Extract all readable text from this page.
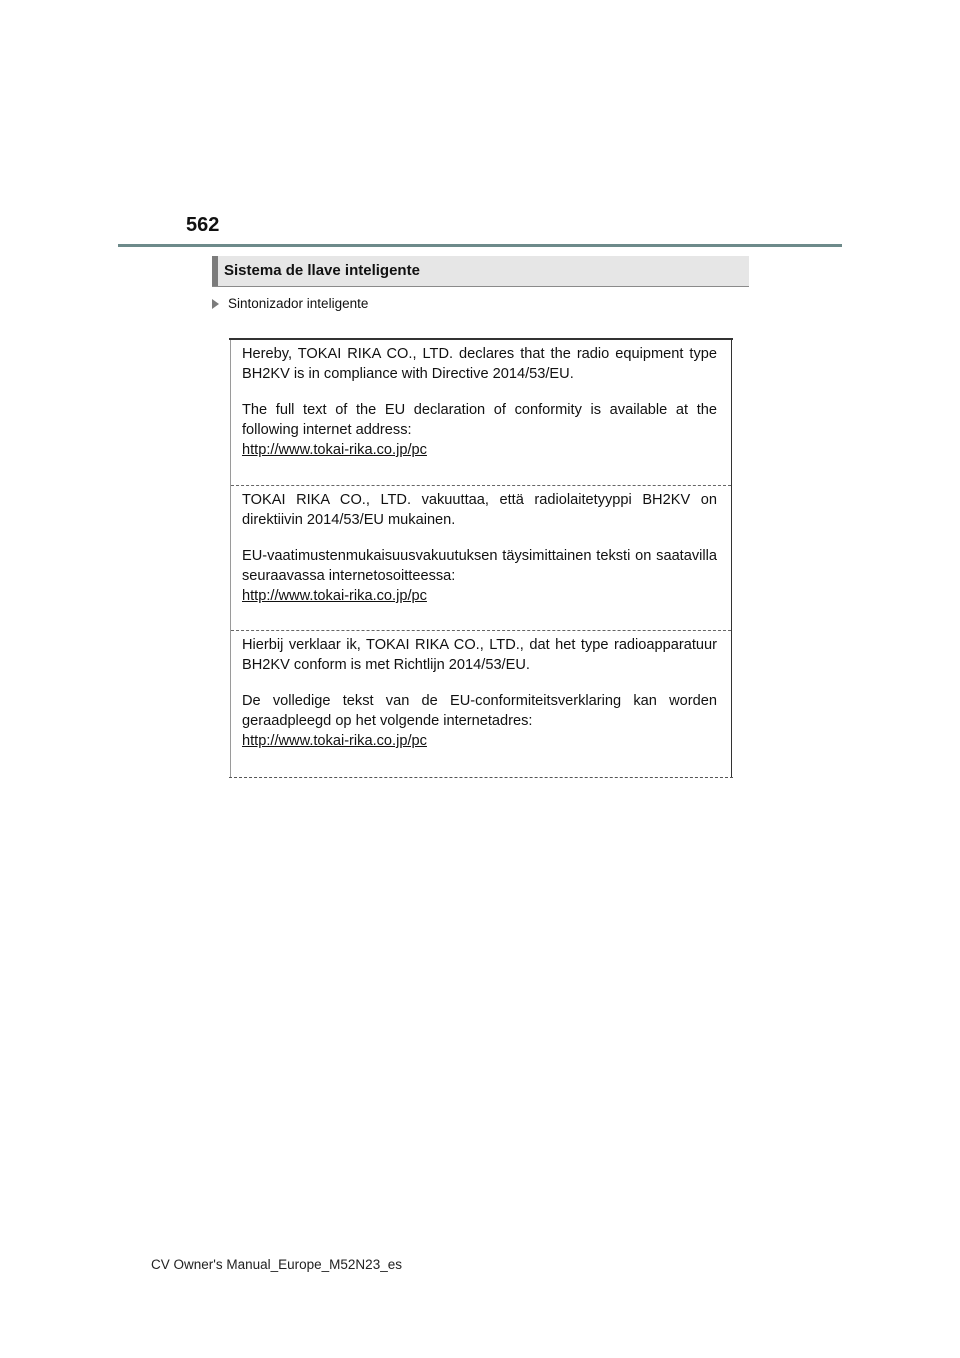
562
Sistema de llave inteligente
Sintonizador inteligente

Hereby, TOKAI RIKA CO., LTD. declares that the radio equipment type BH2KV is in compliance with Directive 2014/53/EU.

The full text of the EU declaration of conformity is available at the following internet address:

http://www.tokai-rika.co.jp/pc

TOKAI RIKA CO., LTD. vakuuttaa, että radiolaitetyyppi BH2KV on direktiivin 2014/53/EU mukainen.

EU-vaatimustenmukaisuusvakuutuksen täysimittainen teksti on saatavilla seuraavassa internetosoitteessa:

http://www.tokai-rika.co.jp/pc

Hierbij verklaar ik, TOKAI RIKA CO., LTD., dat het type radioapparatuur BH2KV conform is met Richtlijn 2014/53/EU.

De volledige tekst van de EU-conformiteitsverklaring kan worden geraadpleegd op het volgende internetadres:

http://www.tokai-rika.co.jp/pc
CV Owner's Manual_Europe_M52N23_es
